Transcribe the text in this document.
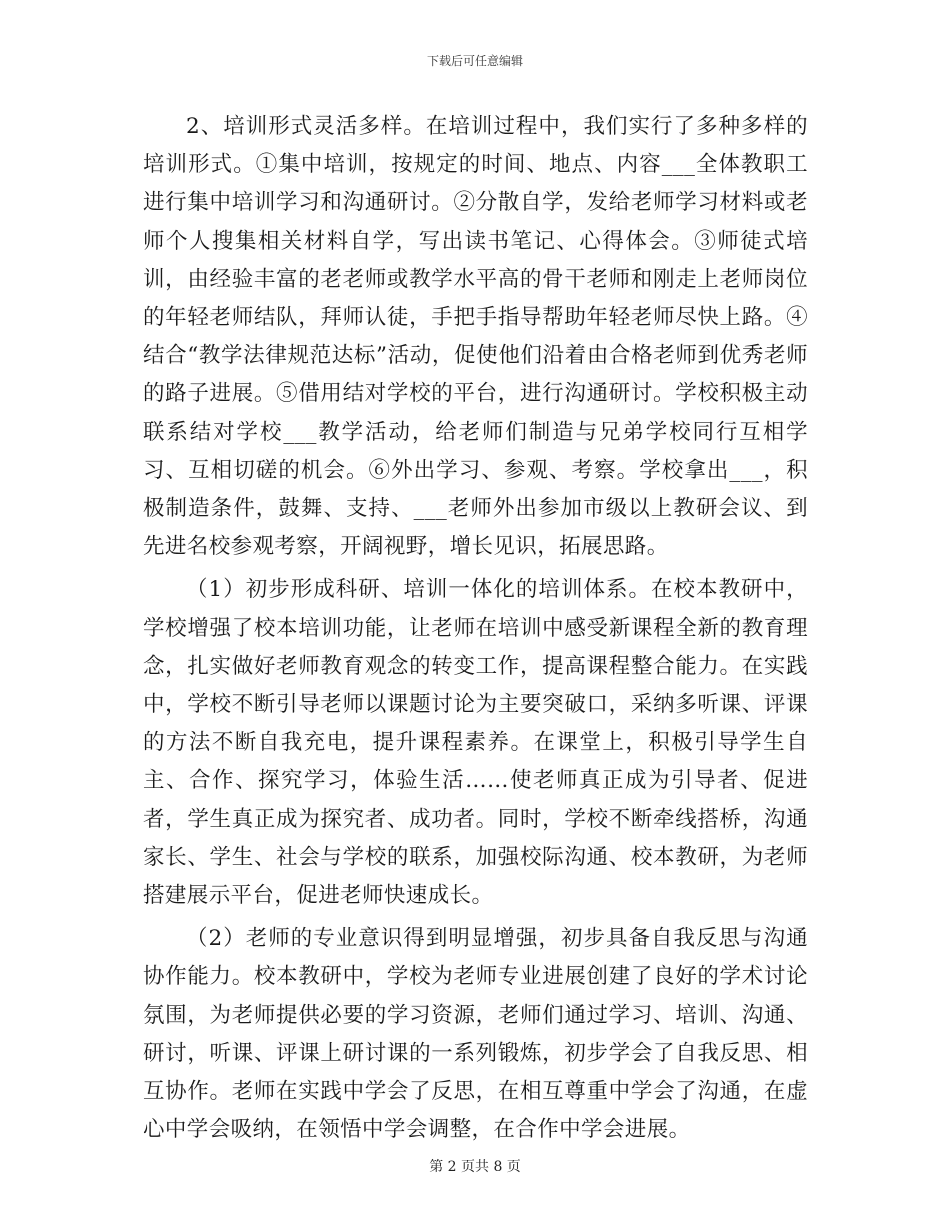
下载后可任意编辑

2、培训形式灵活多样。在培训过程中，我们实行了多种多样的培训形式。①集中培训，按规定的时间、地点、内容___全体教职工进行集中培训学习和沟通研讨。②分散自学，发给老师学习材料或老师个人搜集相关材料自学，写出读书笔记、心得体会。③师徒式培训，由经验丰富的老老师或教学水平高的骨干老师和刚走上老师岗位的年轻老师结队，拜师认徒，手把手指导帮助年轻老师尽快上路。④结合“教学法律规范达标”活动，促使他们沿着由合格老师到优秀老师的路子进展。⑤借用结对学校的平台，进行沟通研讨。学校积极主动联系结对学校___教学活动，给老师们制造与兄弟学校同行互相学习、互相切磋的机会。⑥外出学习、参观、考察。学校拿出___，积极制造条件，鼓舞、支持、___老师外出参加市级以上教研会议、到先进名校参观考察，开阔视野，增长见识，拓展思路。

（1）初步形成科研、培训一体化的培训体系。在校本教研中，学校增强了校本培训功能，让老师在培训中感受新课程全新的教育理念，扎实做好老师教育观念的转变工作，提高课程整合能力。在实践中，学校不断引导老师以课题讨论为主要突破口，采纳多听课、评课的方法不断自我充电，提升课程素养。在课堂上，积极引导学生自主、合作、探究学习，体验生活……使老师真正成为引导者、促进者，学生真正成为探究者、成功者。同时，学校不断牵线搭桥，沟通家长、学生、社会与学校的联系，加强校际沟通、校本教研，为老师搭建展示平台，促进老师快速成长。

（2）老师的专业意识得到明显增强，初步具备自我反思与沟通协作能力。校本教研中，学校为老师专业进展创建了良好的学术讨论氛围，为老师提供必要的学习资源，老师们通过学习、培训、沟通、研讨，听课、评课上研讨课的一系列锻炼，初步学会了自我反思、相互协作。老师在实践中学会了反思，在相互尊重中学会了沟通，在虚心中学会吸纳，在领悟中学会调整，在合作中学会进展。

第 2 页共 8 页
